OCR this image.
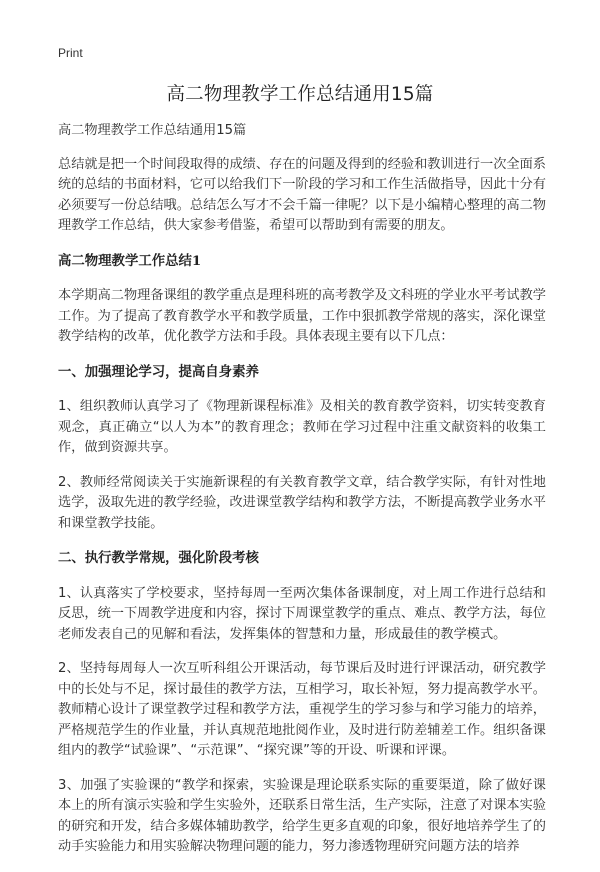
Print
高二物理教学工作总结通用15篇

高二物理教学工作总结通用15篇

总结就是把一个时间段取得的成绩、存在的问题及得到的经验和教训进行一次全面系统的总结的书面材料，它可以给我们下一阶段的学习和工作生活做指导，因此十分有必须要写一份总结哦。总结怎么写才不会千篇一律呢？以下是小编精心整理的高二物理教学工作总结，供大家参考借鉴，希望可以帮助到有需要的朋友。

高二物理教学工作总结1

本学期高二物理备课组的教学重点是理科班的高考教学及文科班的学业水平考试教学工作。为了提高了教育教学水平和教学质量，工作中狠抓教学常规的落实，深化课堂教学结构的改革，优化教学方法和手段。具体表现主要有以下几点：

一、加强理论学习，提高自身素养

1、组织教师认真学习了《物理新课程标准》及相关的教育教学资料，切实转变教育观念，真正确立“以人为本”的教育理念；教师在学习过程中注重文献资料的收集工作，做到资源共享。

2、教师经常阅读关于实施新课程的有关教育教学文章，结合教学实际，有针对性地选学，汲取先进的教学经验，改进课堂教学结构和教学方法，不断提高教学业务水平和课堂教学技能。

二、执行教学常规，强化阶段考核

1、认真落实了学校要求，坚持每周一至两次集体备课制度，对上周工作进行总结和反思，统一下周教学进度和内容，探讨下周课堂教学的重点、难点、教学方法，每位老师发表自己的见解和看法，发挥集体的智慧和力量，形成最佳的教学模式。

2、坚持每周每人一次互听科组公开课活动，每节课后及时进行评课活动，研究教学中的长处与不足，探讨最佳的教学方法，互相学习，取长补短，努力提高教学水平。教师精心设计了课堂教学过程和教学方法，重视学生的学习参与和学习能力的培养，严格规范学生的作业量，并认真规范地批阅作业，及时进行防差辅差工作。组织备课组内的教学“试验课”、“示范课”、“探究课”等的开设、听课和评课。

3、加强了实验课的“教学和探索，实验课是理论联系实际的重要渠道，除了做好课本上的所有演示实验和学生实验外，还联系日常生活，生产实际，注意了对课本实验的研究和开发，结合多媒体辅助教学，给学生更多直观的印象，很好地培养学生了的动手实验能力和用实验解决物理问题的能力，努力渗透物理研究问题方法的培养
